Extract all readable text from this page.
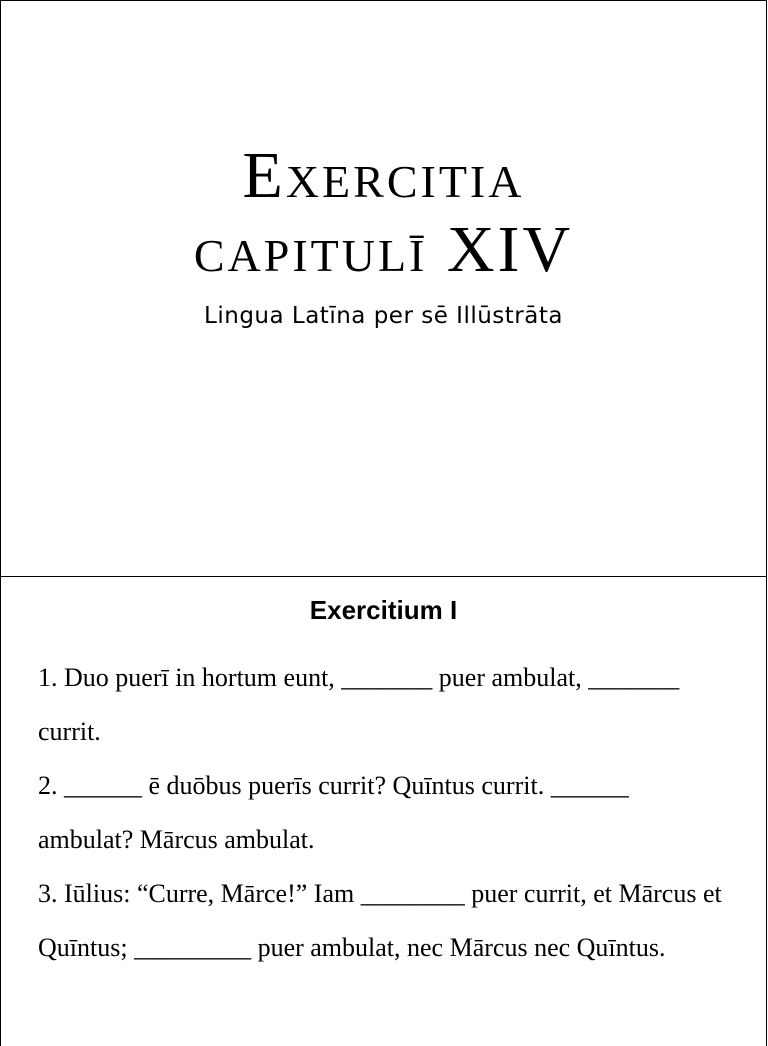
Exercitia
capitulī XIV

Lingua Latīna per sē Illūstrāta

Exercitium I

1. Duo puerī in hortum eunt, _______ puer ambulat, _______ currit.

2. ______ ē duōbus puerīs currit? Quīntus currit. ______ ambulat? Mārcus ambulat.

3. Iūlius: “Curre, Mārce!” Iam ________ puer currit, et Mārcus et Quīntus; _________ puer ambulat, nec Mārcus nec Quīntus.
